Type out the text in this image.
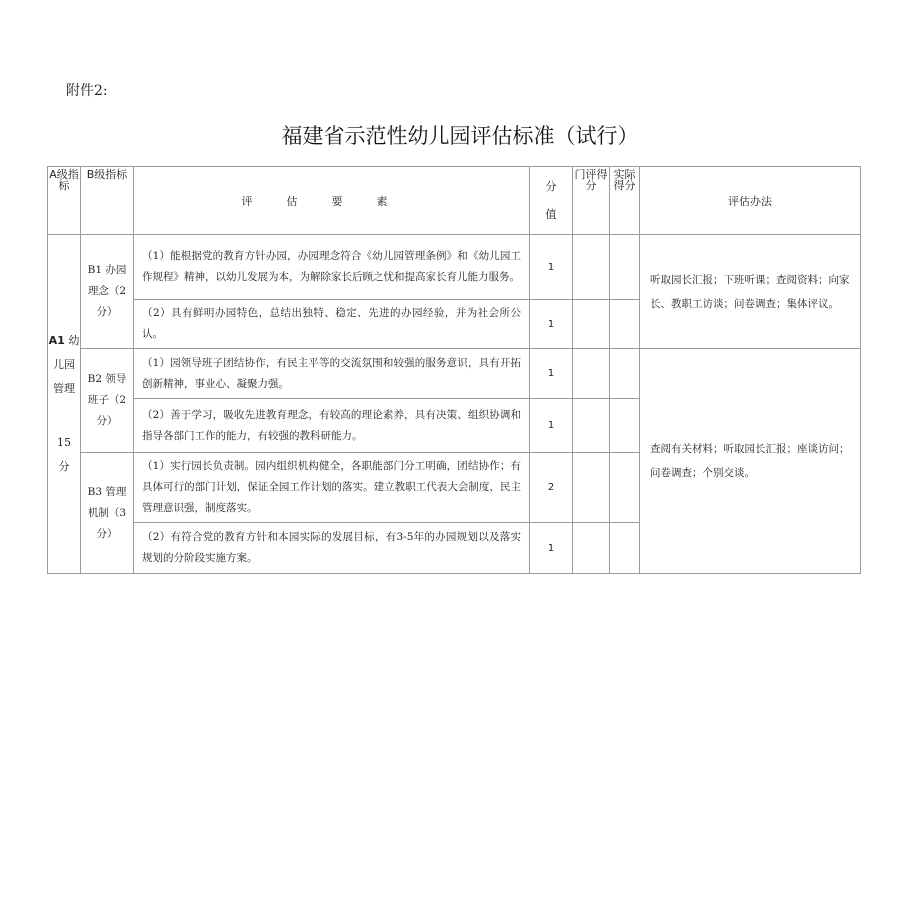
附件2:
福建省示范性幼儿园评估标准（试行）
A级指标	B级指标	评估要素	分值	门评得分	实际得分	评估办法
A1 幼儿园管理
15
分	B1 办园理念（2分）	（1）能根据党的教育方针办园，办园理念符合《幼儿园管理条例》和《幼儿园工作规程》精神，以幼儿发展为本，为解除家长后顾之忧和提高家长育儿能力服务。	1			听取园长汇报；下班听课；查阅资料；向家长、教职工访谈；问卷调查；集体评议。
		（2）具有鲜明办园特色，总结出独特、稳定、先进的办园经验，并为社会所公认。	1			
	B2 领导班子（2分）	（1）园领导班子团结协作，有民主平等的交流氛围和较强的服务意识，具有开拓创新精神，事业心、凝聚力强。	1			查阅有关材料；听取园长汇报；座谈访问；问卷调查；个别交谈。
		（2）善于学习，吸收先进教育理念，有较高的理论素养，具有决策、组织协调和指导各部门工作的能力，有较强的教科研能力。	1			
	B3 管理机制（3分）	（1）实行园长负责制。园内组织机构健全，各职能部门分工明确，团结协作；有具体可行的部门计划，保证全园工作计划的落实。建立教职工代表大会制度，民主管理意识强，制度落实。	2			
		（2）有符合党的教育方针和本园实际的发展目标，有3-5年的办园规划以及落实规划的分阶段实施方案。	1			
